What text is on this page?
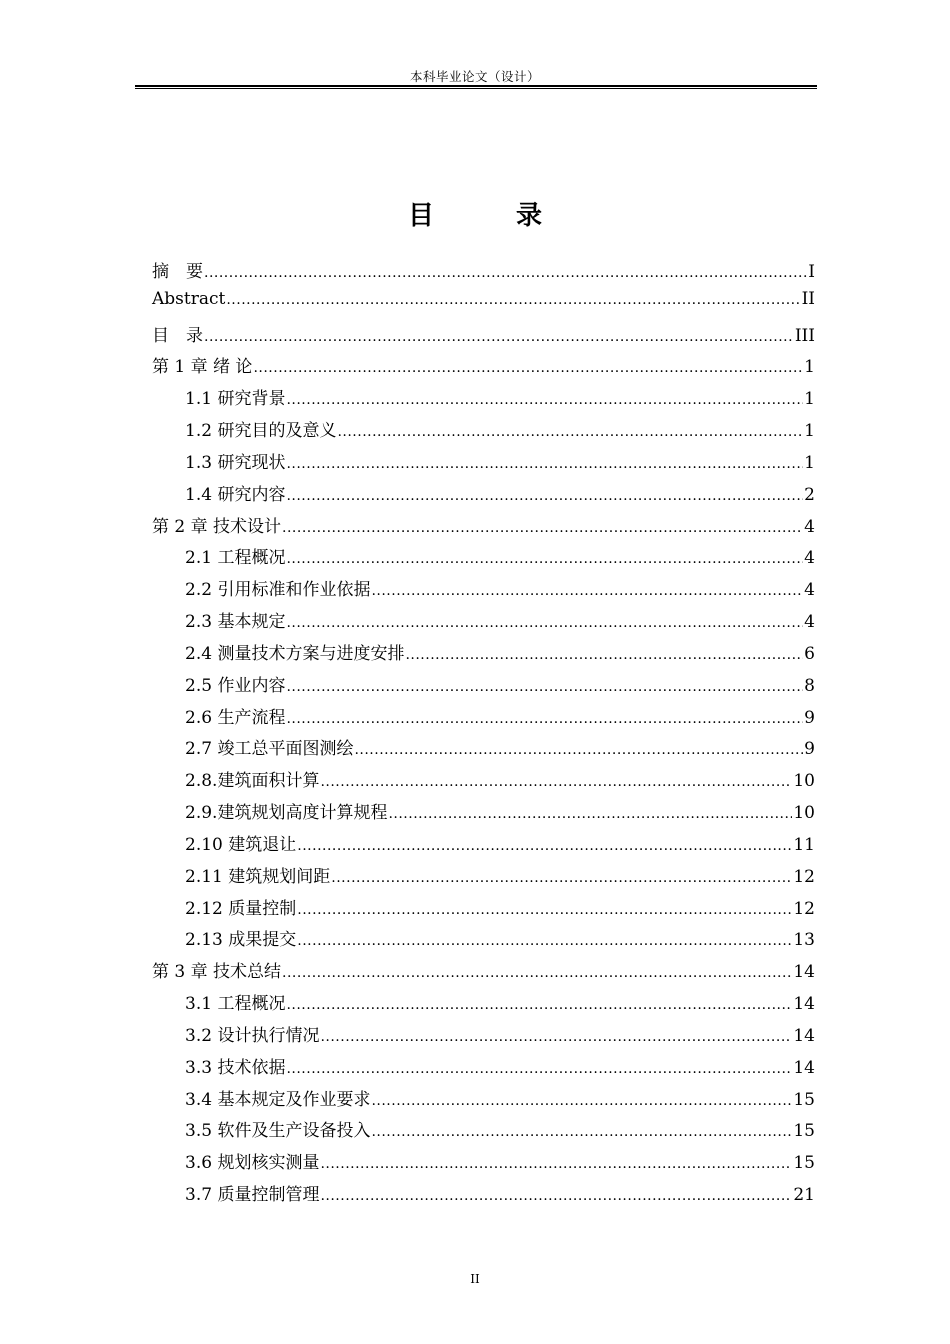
本科毕业论文（设计）
目　录
摘　要 .....	I
Abstract .....	II
目　录 .....	III
第 1 章 绪 论 .....	1
1.1 研究背景 .....	1
1.2 研究目的及意义 .....	1
1.3 研究现状 .....	1
1.4 研究内容 .....	2
第 2 章 技术设计 .....	4
2.1 工程概况 .....	4
2.2 引用标准和作业依据 .....	4
2.3 基本规定 .....	4
2.4 测量技术方案与进度安排 .....	6
2.5 作业内容 .....	8
2.6 生产流程 .....	9
2.7 竣工总平面图测绘 .....	9
2.8.建筑面积计算 .....	10
2.9.建筑规划高度计算规程 .....	10
2.10 建筑退让 .....	11
2.11 建筑规划间距 .....	12
2.12 质量控制 .....	12
2.13 成果提交 .....	13
第 3 章 技术总结 .....	14
3.1 工程概况 .....	14
3.2 设计执行情况 .....	14
3.3 技术依据 .....	14
3.4 基本规定及作业要求 .....	15
3.5 软件及生产设备投入 .....	15
3.6 规划核实测量 .....	15
3.7 质量控制管理 .....	21
II
